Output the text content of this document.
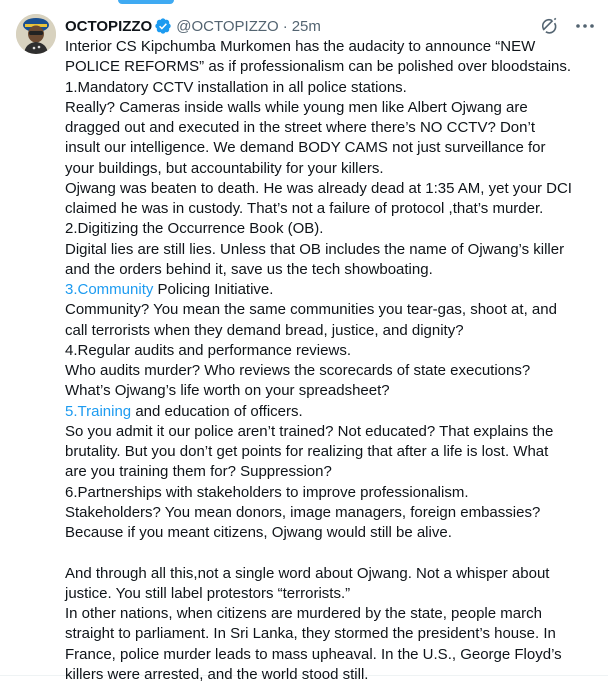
OCTOPIZZO @OCTOPIZZO · 25m
Interior CS Kipchumba Murkomen has the audacity to announce “NEW
POLICE REFORMS” as if professionalism can be polished over bloodstains.
1.Mandatory CCTV installation in all police stations.
Really? Cameras inside walls while young men like Albert Ojwang are
dragged out and executed in the street where there’s NO CCTV? Don’t
insult our intelligence. We demand BODY CAMS not just surveillance for
your buildings, but accountability for your killers.
Ojwang was beaten to death. He was already dead at 1:35 AM, yet your DCI
claimed he was in custody. That’s not a failure of protocol ,that’s murder.
2.Digitizing the Occurrence Book (OB).
Digital lies are still lies. Unless that OB includes the name of Ojwang’s killer
and the orders behind it, save us the tech showboating.
3.Community Policing Initiative.
Community? You mean the same communities you tear-gas, shoot at, and
call terrorists when they demand bread, justice, and dignity?
4.Regular audits and performance reviews.
Who audits murder? Who reviews the scorecards of state executions?
What’s Ojwang’s life worth on your spreadsheet?
5.Training and education of officers.
So you admit it our police aren’t trained? Not educated? That explains the
brutality. But you don’t get points for realizing that after a life is lost. What
are you training them for? Suppression?
6.Partnerships with stakeholders to improve professionalism.
Stakeholders? You mean donors, image managers, foreign embassies?
Because if you meant citizens, Ojwang would still be alive.
And through all this,not a single word about Ojwang. Not a whisper about
justice. You still label protestors “terrorists.”
In other nations, when citizens are murdered by the state, people march
straight to parliament. In Sri Lanka, they stormed the president’s house. In
France, police murder leads to mass upheaval. In the U.S., George Floyd’s
killers were arrested, and the world stood still.
